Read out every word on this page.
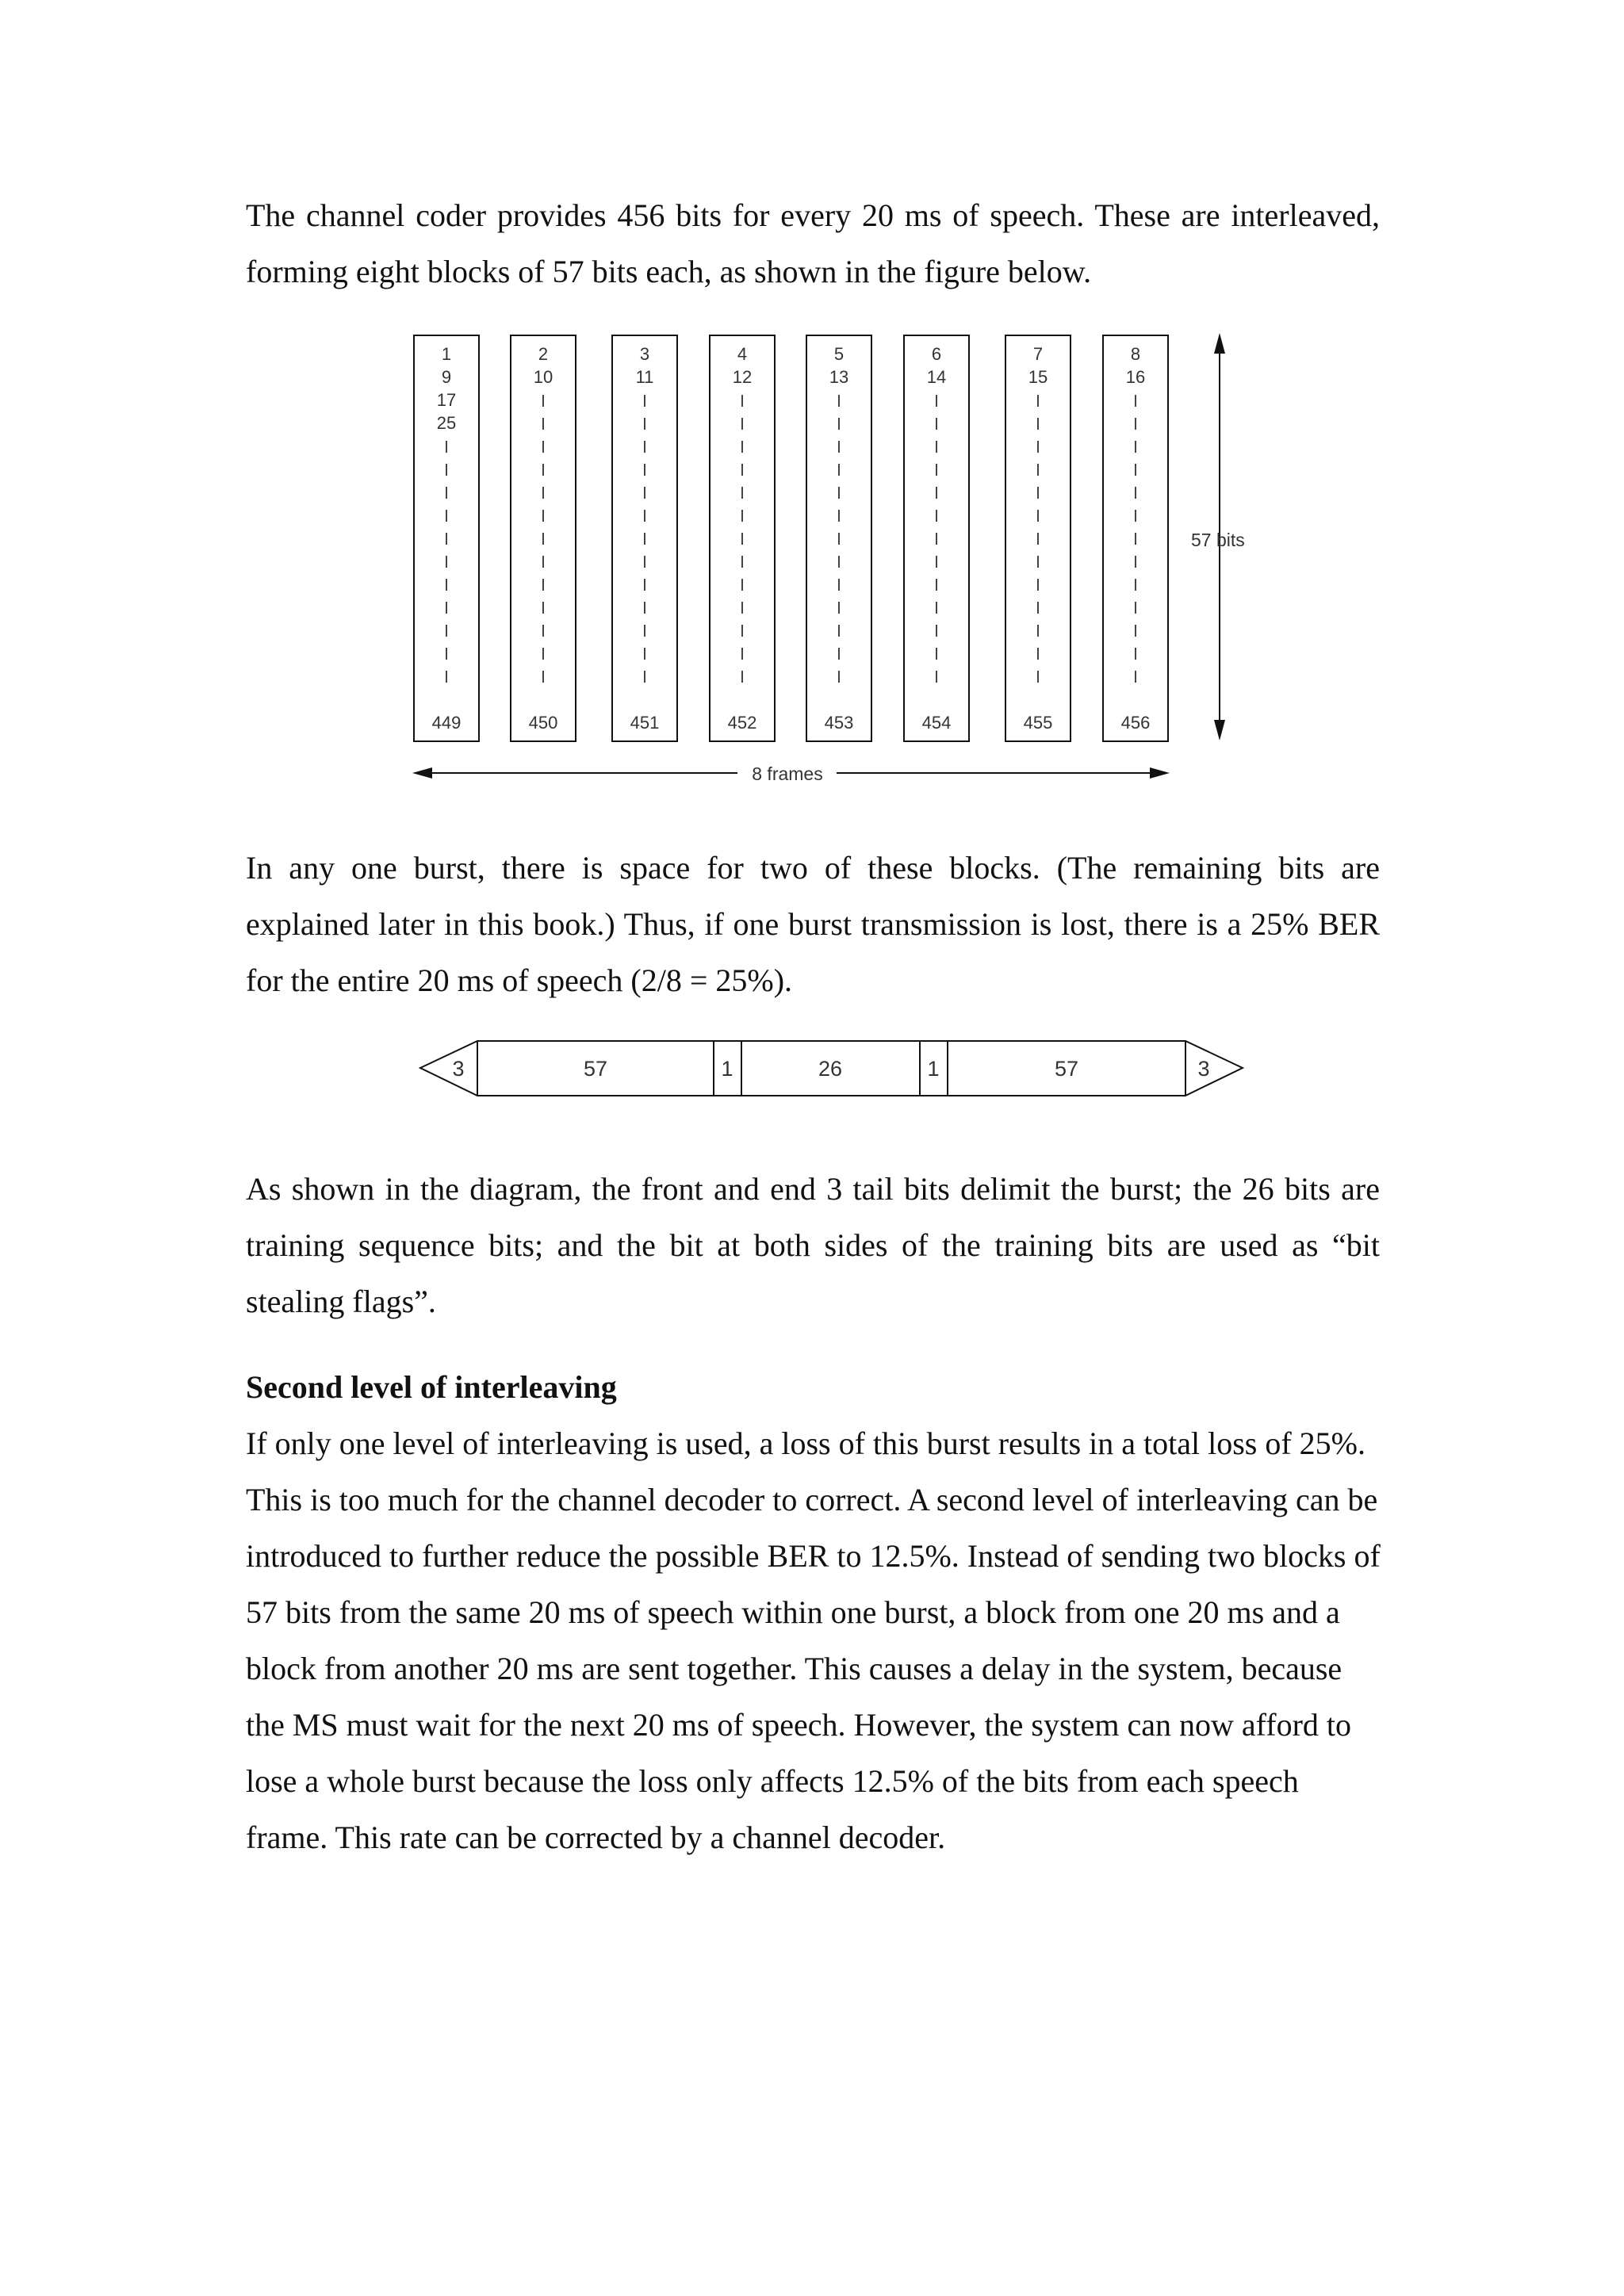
The channel coder provides 456 bits for every 20 ms of speech. These are interleaved, forming eight blocks of 57 bits each, as shown in the figure below.

1
9
17
25
449
2
10
450
3
11
451
4
12
452
5
13
453
6
14
454
7
15
455
8
16
456
57 bits
8 frames

In any one burst, there is space for two of these blocks. (The remaining bits are explained later in this book.) Thus, if one burst transmission is lost, there is a 25% BER for the entire 20 ms of speech (2/8 = 25%).

3	57	1	26	1	57	3

As shown in the diagram, the front and end 3 tail bits delimit the burst; the 26 bits are training sequence bits; and the bit at both sides of the training bits are used as “bit stealing flags”.

Second level of interleaving

If only one level of interleaving is used, a loss of this burst results in a total loss of 25%. This is too much for the channel decoder to correct. A second level of interleaving can be introduced to further reduce the possible BER to 12.5%. Instead of sending two blocks of 57 bits from the same 20 ms of speech within one burst, a block from one 20 ms and a block from another 20 ms are sent together. This causes a delay in the system, because the MS must wait for the next 20 ms of speech. However, the system can now afford to lose a whole burst because the loss only affects 12.5% of the bits from each speech frame. This rate can be corrected by a channel decoder.
